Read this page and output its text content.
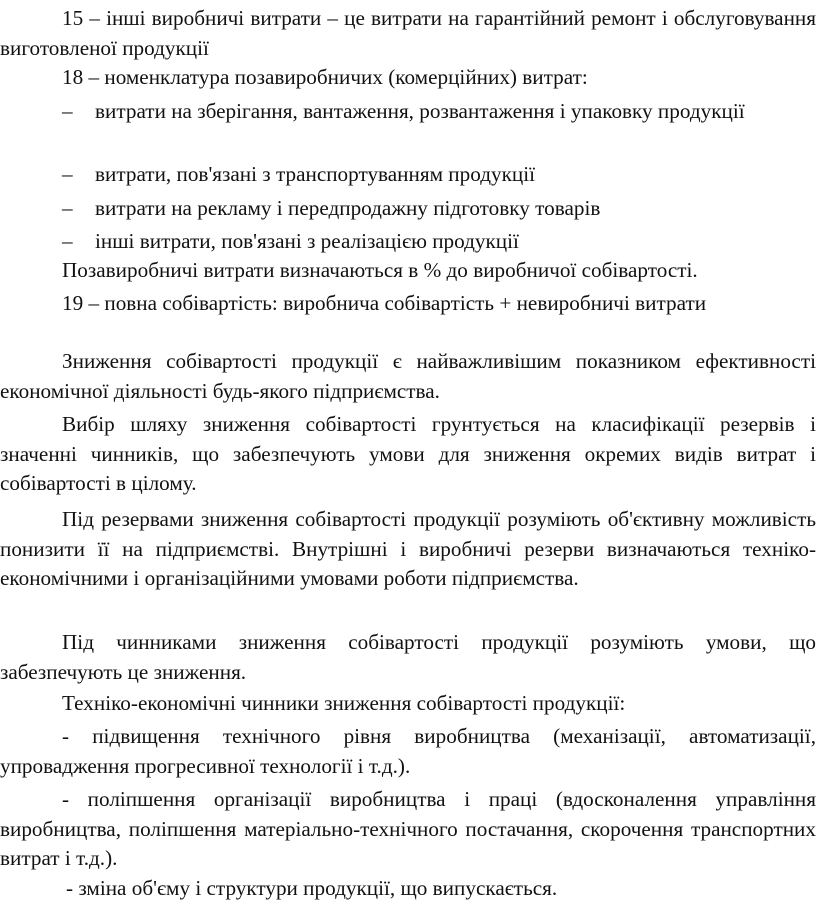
15 – інші виробничі витрати – це витрати на гарантійний ремонт і обслуговування виготовленої продукції

18 – номенклатура позавиробничих (комерційних) витрат:

– витрати на зберігання, вантаження, розвантаження і упаковку продукції
– витрати, пов'язані з транспортуванням продукції
– витрати на рекламу і передпродажну підготовку товарів
– інші витрати, пов'язані з реалізацією продукції

Позавиробничі витрати визначаються в % до виробничої собівартості.

19 – повна собівартість: виробнича собівартість + невиробничі витрати

Зниження собівартості продукції є найважливішим показником ефективності економічної діяльності будь-якого підприємства.

Вибір шляху зниження собівартості грунтується на класифікації резервів і значенні чинників, що забезпечують умови для зниження окремих видів витрат і собівартості в цілому.

Під резервами зниження собівартості продукції розуміють об'єктивну можливість понизити її на підприємстві. Внутрішні і виробничі резерви визначаються техніко-економічними і організаційними умовами роботи підприємства.

Під чинниками зниження собівартості продукції розуміють умови, що забезпечують це зниження.

Техніко-економічні чинники зниження собівартості продукції:

- підвищення технічного рівня виробництва (механізації, автоматизації, упровадження прогресивної технології і т.д.).

- поліпшення організації виробництва і праці (вдосконалення управління виробництва, поліпшення матеріально-технічного постачання, скорочення транспортних витрат і т.д.).

- зміна об'єму і структури продукції, що випускається.
